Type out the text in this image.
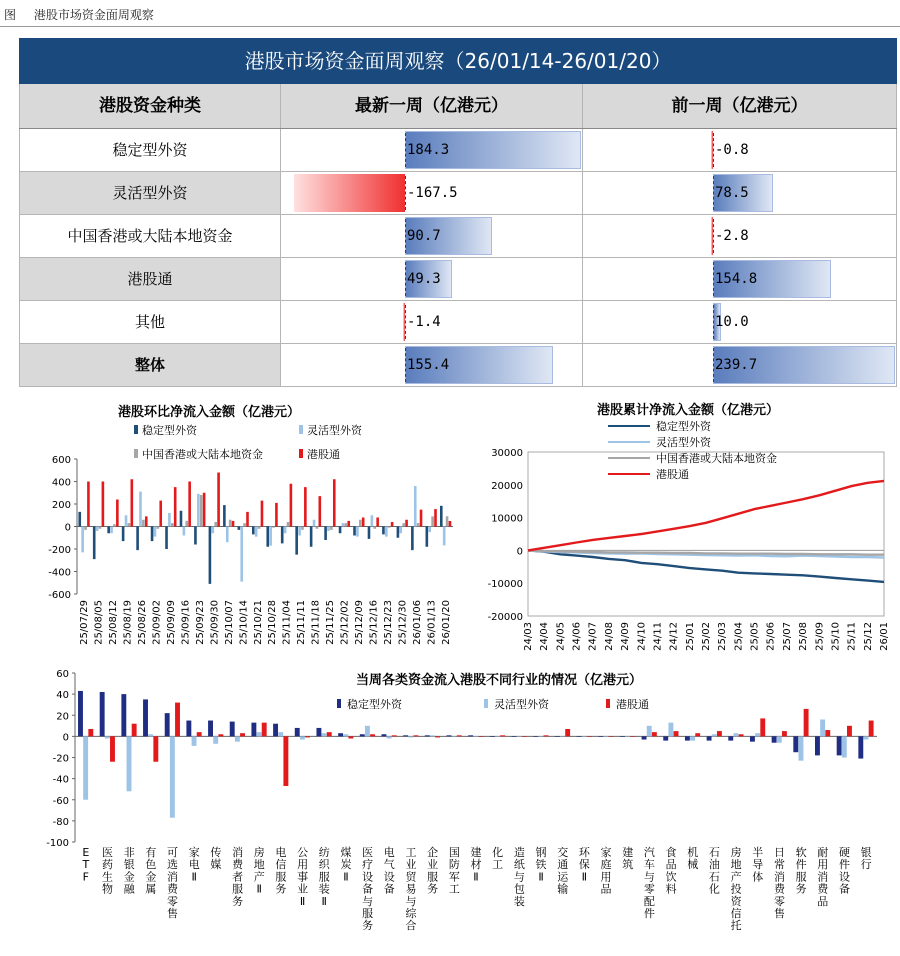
图 港股市场资金面周观察
港股市场资金面周观察（26/01/14-26/01/20）
港股资金种类	最新一周（亿港元）	前一周（亿港元）
稳定型外资	184.3	-0.8
灵活型外资	-167.5	78.5
中国香港或大陆本地资金	90.7	-2.8
港股通	49.3	154.8
其他	-1.4	10.0
整体	155.4	239.7
港股环比净流入金额（亿港元）
稳定型外资	灵活型外资
中国香港或大陆本地资金	港股通
-600
-400
-200
0
200
400
600
25/07/29 25/08/05 25/08/12 25/08/19 25/08/26 25/09/02 25/09/09 25/09/16 25/09/23 25/09/30 25/10/07 25/10/14 25/10/21 25/10/28 25/11/04 25/11/11 25/11/18 25/11/25 25/12/02 25/12/09 25/12/16 25/12/23 25/12/30 26/01/06 26/01/13 26/01/20
港股累计净流入金额（亿港元）
稳定型外资
灵活型外资
中国香港或大陆本地资金
港股通
-20000
-10000
0
10000
20000
30000
24/03 24/04 24/05 24/06 24/07 24/08 24/09 24/10 24/11 24/12 25/01 25/02 25/03 25/04 25/05 25/06 25/07 25/08 25/09 25/10 25/11 25/12 26/01
当周各类资金流入港股不同行业的情况（亿港元）
稳定型外资	灵活型外资	港股通
-100
-80
-60
-40
-20
0
20
40
60
E
T
F
医
药
生
物
非
银
金
融
有
色
金
属
可
选
消
费
零
售
家
电
Ⅱ
传
媒
消
费
者
服
务
房
地
产
Ⅱ
电
信
服
务
公
用
事
业
Ⅱ
纺
织
服
装
Ⅱ
煤
炭
Ⅱ
医
疗
设
备
与
服
务
电
气
设
备
工
业
贸
易
与
综
合
企
业
服
务
国
防
军
工
建
材
Ⅱ
化
工
造
纸
与
包
装
钢
铁
Ⅱ
交
通
运
输
环
保
Ⅱ
家
庭
用
品
建
筑
汽
车
与
零
配
件
食
品
饮
料
机
械
石
油
石
化
房
地
产
投
资
信
托
半
导
体
日
常
消
费
零
售
软
件
服
务
耐
用
消
费
品
硬
件
设
备
银
行
